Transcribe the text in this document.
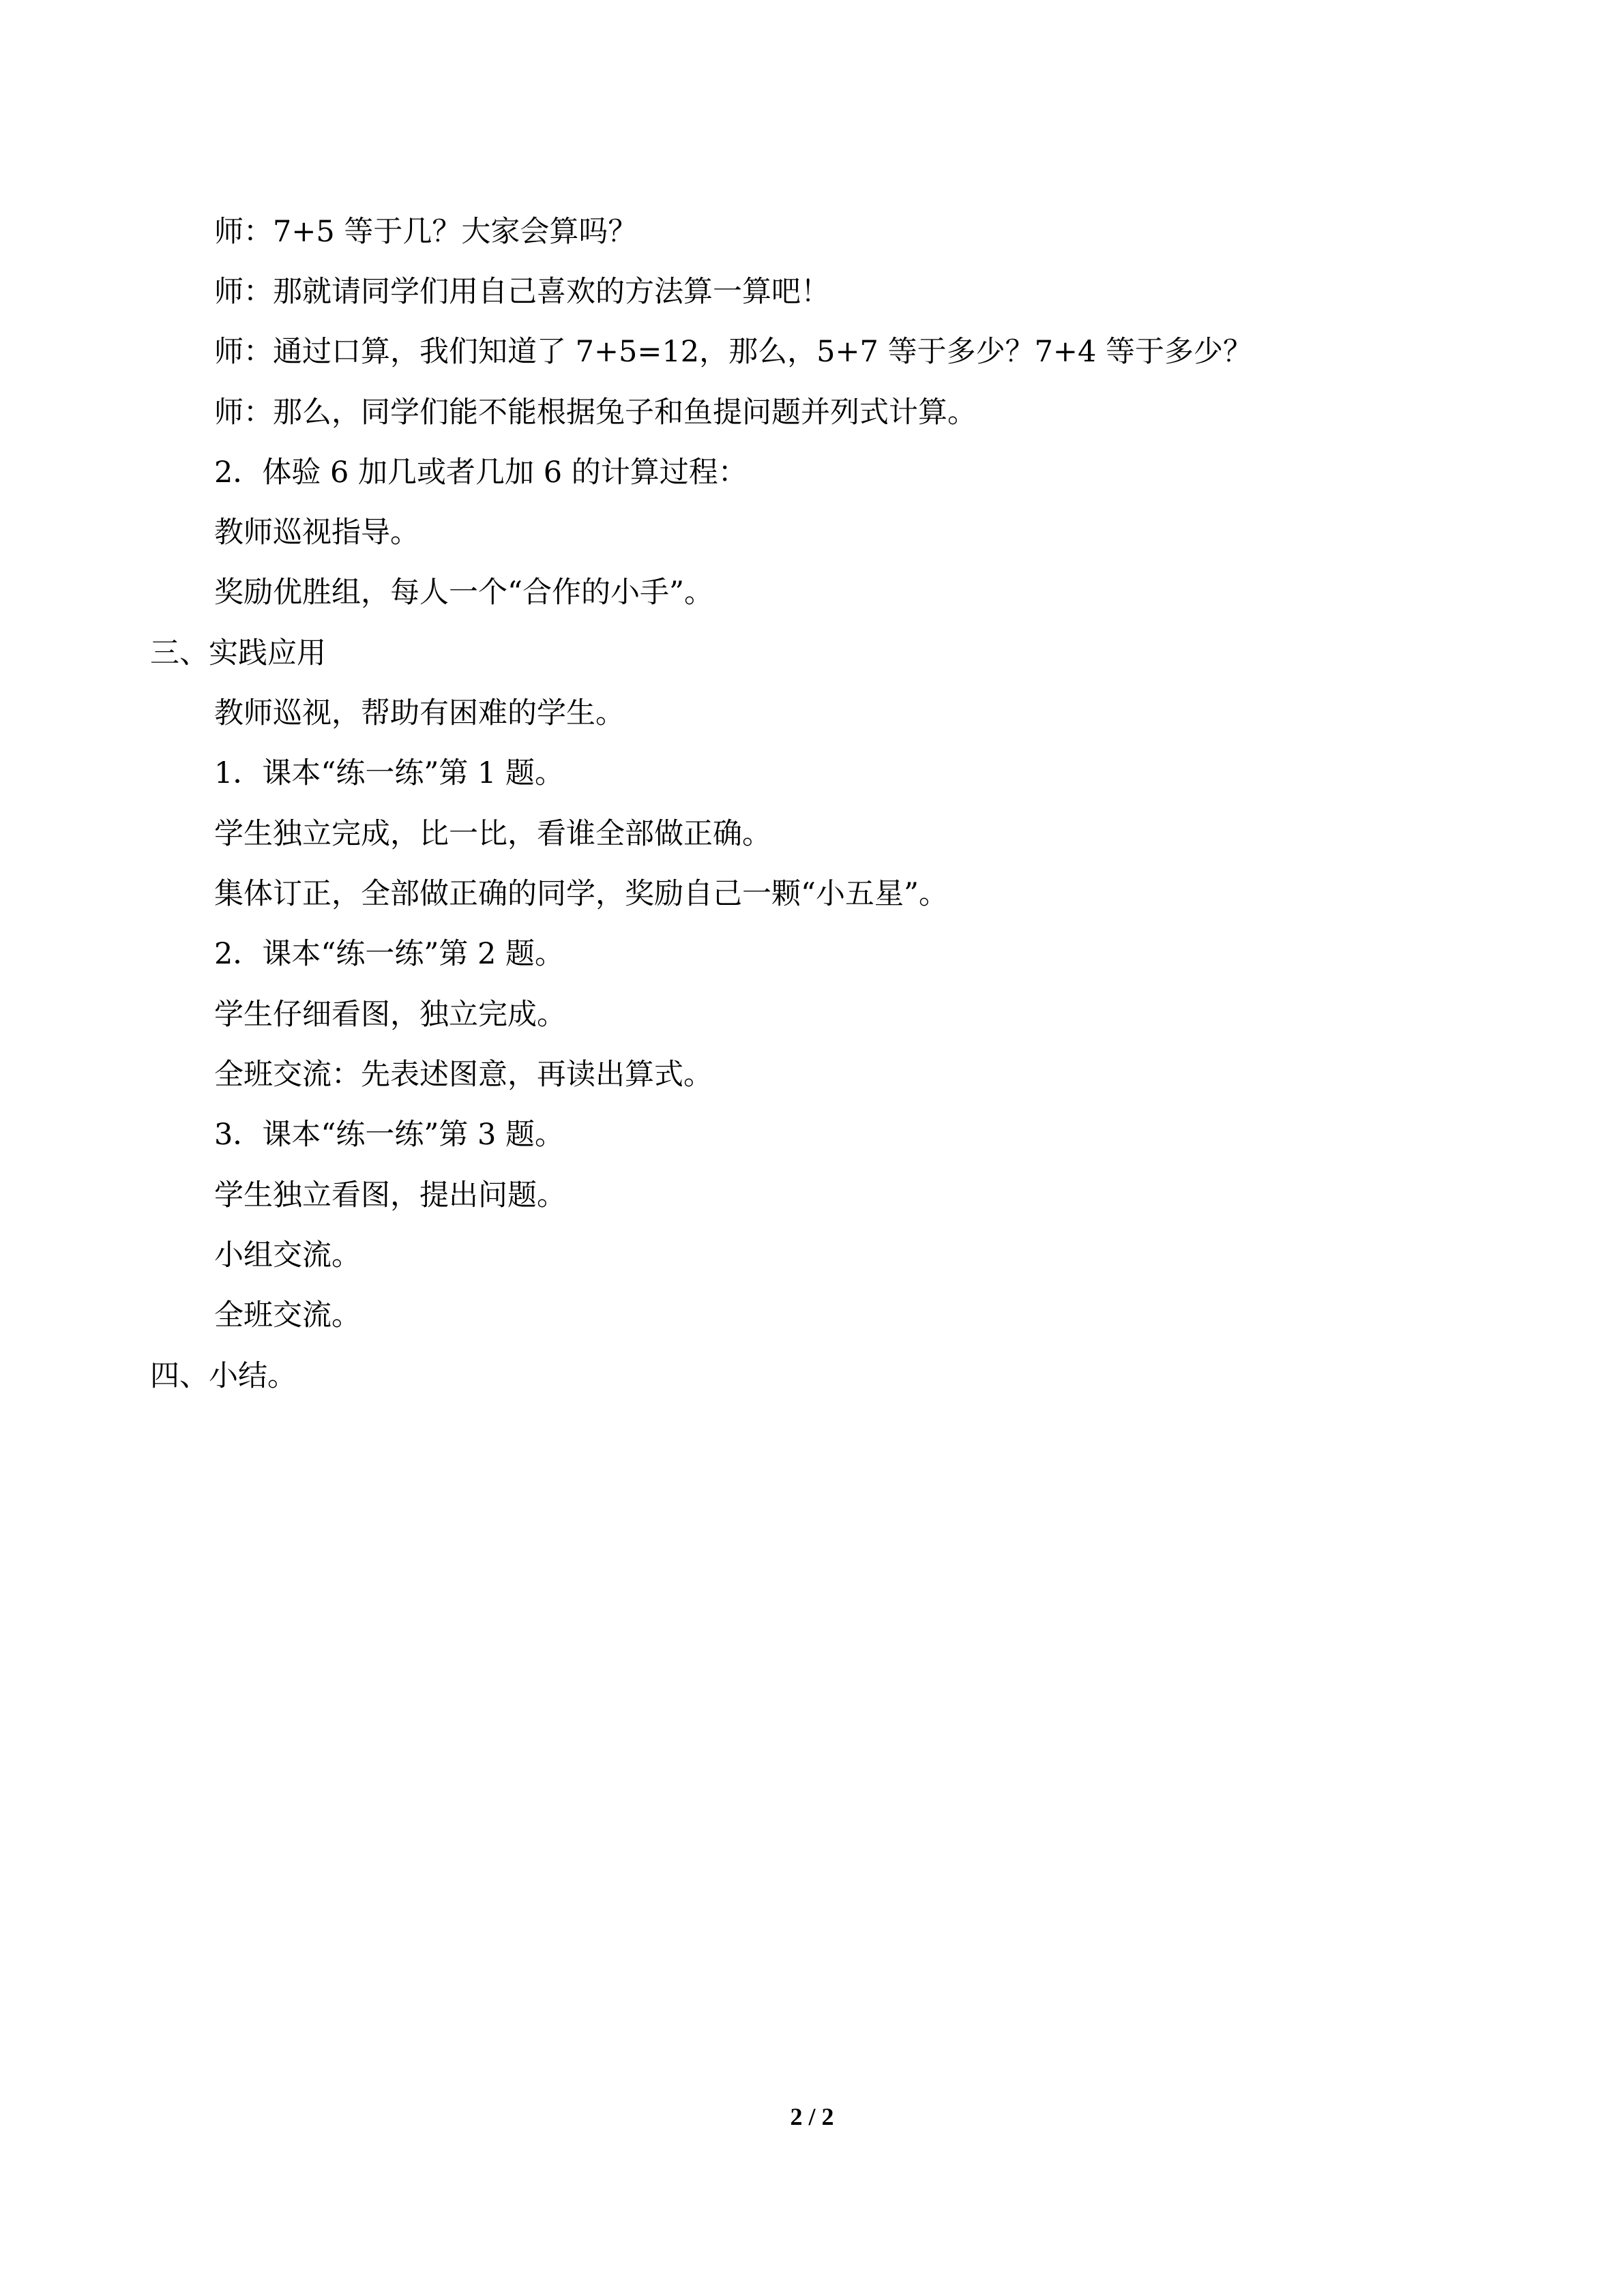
师：7+5 等于几？大家会算吗？
师：那就请同学们用自己喜欢的方法算一算吧！
师：通过口算，我们知道了 7+5=12，那么，5+7 等于多少？7+4 等于多少？
师：那么，同学们能不能根据兔子和鱼提问题并列式计算。
2．体验 6 加几或者几加 6 的计算过程：
教师巡视指导。
奖励优胜组，每人一个“合作的小手”。
三、实践应用
教师巡视，帮助有困难的学生。
1．课本“练一练”第 1 题。
学生独立完成，比一比，看谁全部做正确。
集体订正，全部做正确的同学，奖励自己一颗“小五星”。
2．课本“练一练”第 2 题。
学生仔细看图，独立完成。
全班交流：先表述图意，再读出算式。
3．课本“练一练”第 3 题。
学生独立看图，提出问题。
小组交流。
全班交流。
四、小结。
2 / 2
